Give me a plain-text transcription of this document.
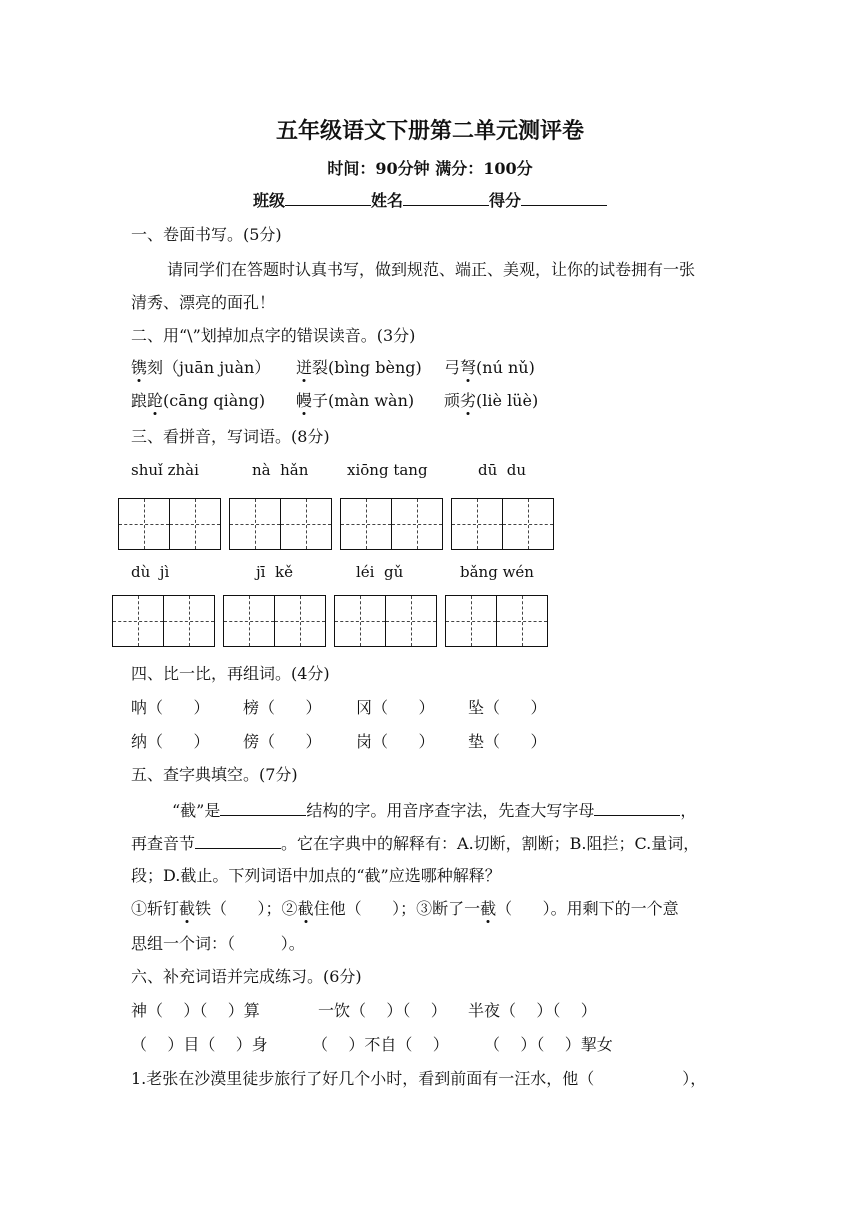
五年级语文下册第二单元测评卷
时间：90分钟 满分：100分
班级	姓名	得分
一、卷面书写。(5分)
请同学们在答题时认真书写，做到规范、端正、美观，让你的试卷拥有一张
清秀、漂亮的面孔！
二、用“\”划掉加点字的错误读音。(3分)
镌刻（juān juàn） 迸裂(bìng bèng) 弓弩(nú nǔ)
踉跄(cāng qiàng) 幔子(màn wàn) 顽劣(liè lüè)
三、看拼音，写词语。(8分)
shuǐ zhài	nà  hǎn	xiōng tang	dū  du
dù  jì	jī  kě	léi  gǔ	bǎng wén
四、比一比，再组词。(4分)
呐（      ） 榜（      ） 冈（      ） 坠（      ）
纳（      ） 傍（      ） 岗（      ） 垫（      ）
五、查字典填空。(7分)
“截”是	结构的字。用音序查字法，先查大写字母	，
再查音节	。它在字典中的解释有：A.切断，割断；B.阻拦；C.量词，
段；D.截止。下列词语中加点的“截”应选哪种解释？
①斩钉截铁（      ）；②截住他（      ）；③断了一截（      ）。用剩下的一个意
思组一个词：（         ）。
六、补充词语并完成练习。(6分)
神（    ）（    ）算	一饮（    ）（    ） 半夜（    ）（    ）
（    ）目（    ）身	（    ）不自（    ） （    ）（    ）挈女
1.老张在沙漠里徒步旅行了好几个小时，看到前面有一汪水，他（	），
